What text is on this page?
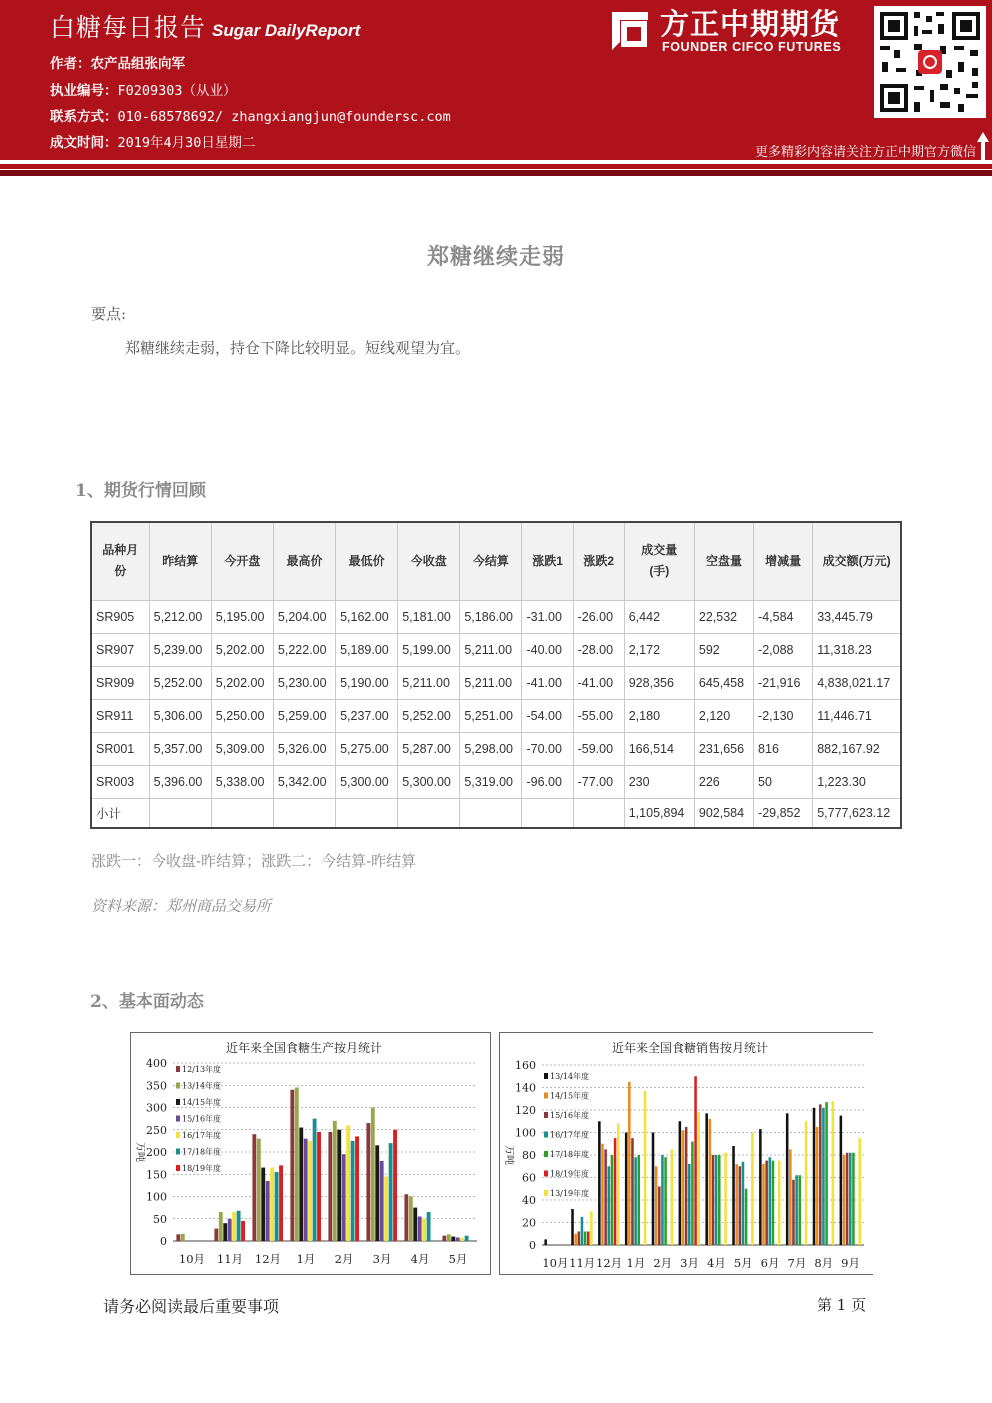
白糖每日报告 Sugar DailyReport
作者：农产品组张向军
执业编号：F0209303（从业）
联系方式：010-68578692/ zhangxiangjun@foundersc.com
成文时间：2019年4月30日星期二
方正中期期货
FOUNDER CIFCO FUTURES
更多精彩内容请关注方正中期官方微信
郑糖继续走弱
要点:
郑糖继续走弱，持仓下降比较明显。短线观望为宜。
1、期货行情回顾
品种月份	昨结算	今开盘	最高价	最低价	今收盘	今结算	涨跌1	涨跌2	成交量(手)	空盘量	增减量	成交额(万元)
SR905	5,212.00	5,195.00	5,204.00	5,162.00	5,181.00	5,186.00	-31.00	-26.00	6,442	22,532	-4,584	33,445.79
SR907	5,239.00	5,202.00	5,222.00	5,189.00	5,199.00	5,211.00	-40.00	-28.00	2,172	592	-2,088	11,318.23
SR909	5,252.00	5,202.00	5,230.00	5,190.00	5,211.00	5,211.00	-41.00	-41.00	928,356	645,458	-21,916	4,838,021.17
SR911	5,306.00	5,250.00	5,259.00	5,237.00	5,252.00	5,251.00	-54.00	-55.00	2,180	2,120	-2,130	11,446.71
SR001	5,357.00	5,309.00	5,326.00	5,275.00	5,287.00	5,298.00	-70.00	-59.00	166,514	231,656	816	882,167.92
SR003	5,396.00	5,338.00	5,342.00	5,300.00	5,300.00	5,319.00	-96.00	-77.00	230	226	50	1,223.30
小计									1,105,894	902,584	-29,852	5,777,623.12
涨跌一：今收盘-昨结算；涨跌二：今结算-昨结算
资料来源：郑州商品交易所
2、基本面动态
近年来全国食糖生产按月统计
万吨
0
50
100
150
200
250
300
350
400
10月 11月 12月 1月 2月 3月 4月 5月
12/13年度
13/14年度
14/15年度
15/16年度
16/17年度
17/18年度
18/19年度
近年来全国食糖销售按月统计
万吨
0
20
40
60
80
100
120
140
160
10月 11月 12月 1月 2月 3月 4月 5月 6月 7月 8月 9月
13/14年度
14/15年度
15/16年度
16/17年度
17/18年度
18/19年度
13/19年度
请务必阅读最后重要事项	第 1 页
